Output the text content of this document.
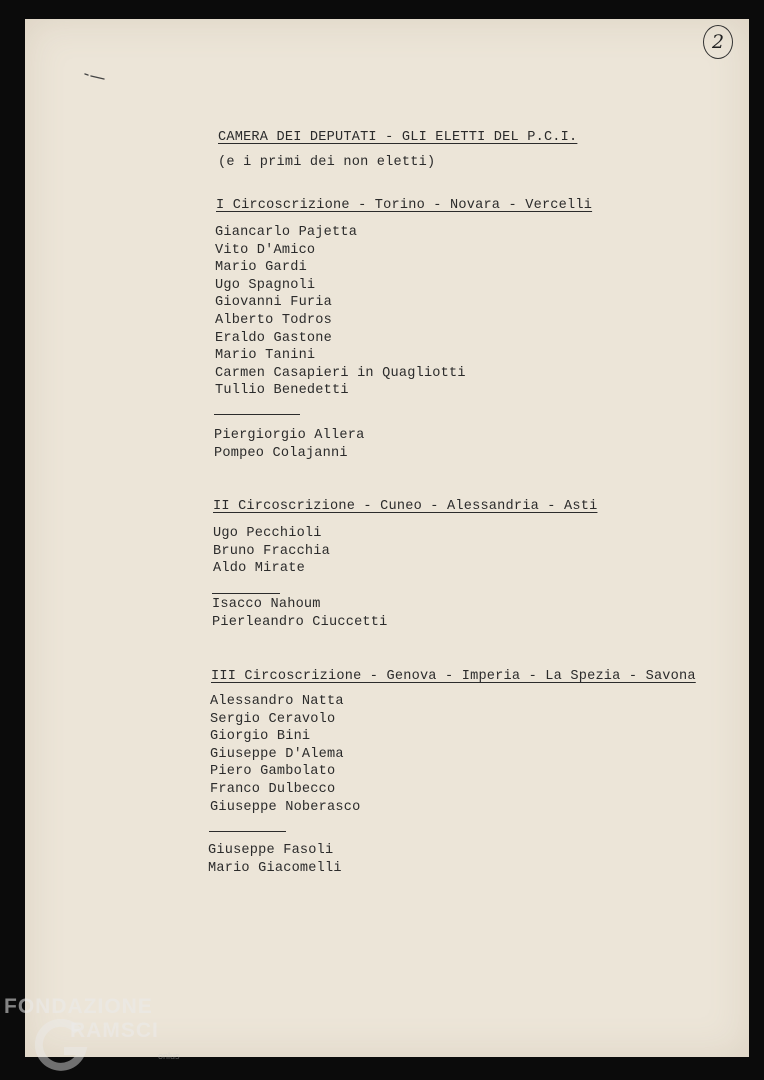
2

CAMERA DEI DEPUTATI - GLI ELETTI DEL P.C.I.

(e i primi dei non eletti)

I Circoscrizione - Torino - Novara - Vercelli

Giancarlo Pajetta
Vito D'Amico
Mario Gardi
Ugo Spagnoli
Giovanni Furia
Alberto Todros
Eraldo Gastone
Mario Tanini
Carmen Casapieri in Quagliotti
Tullio Benedetti
Piergiorgio Allera
Pompeo Colajanni

II Circoscrizione - Cuneo - Alessandria - Asti

Ugo Pecchioli
Bruno Fracchia
Aldo Mirate
Isacco Nahoum
Pierleandro Ciuccetti

III Circoscrizione - Genova - Imperia - La Spezia - Savona

Alessandro Natta
Sergio Ceravolo
Giorgio Bini
Giuseppe D'Alema
Piero Gambolato
Franco Dulbecco
Giuseppe Noberasco
Giuseppe Fasoli
Mario Giacomelli
FONDAZIONE
RAMSCI
onlus
